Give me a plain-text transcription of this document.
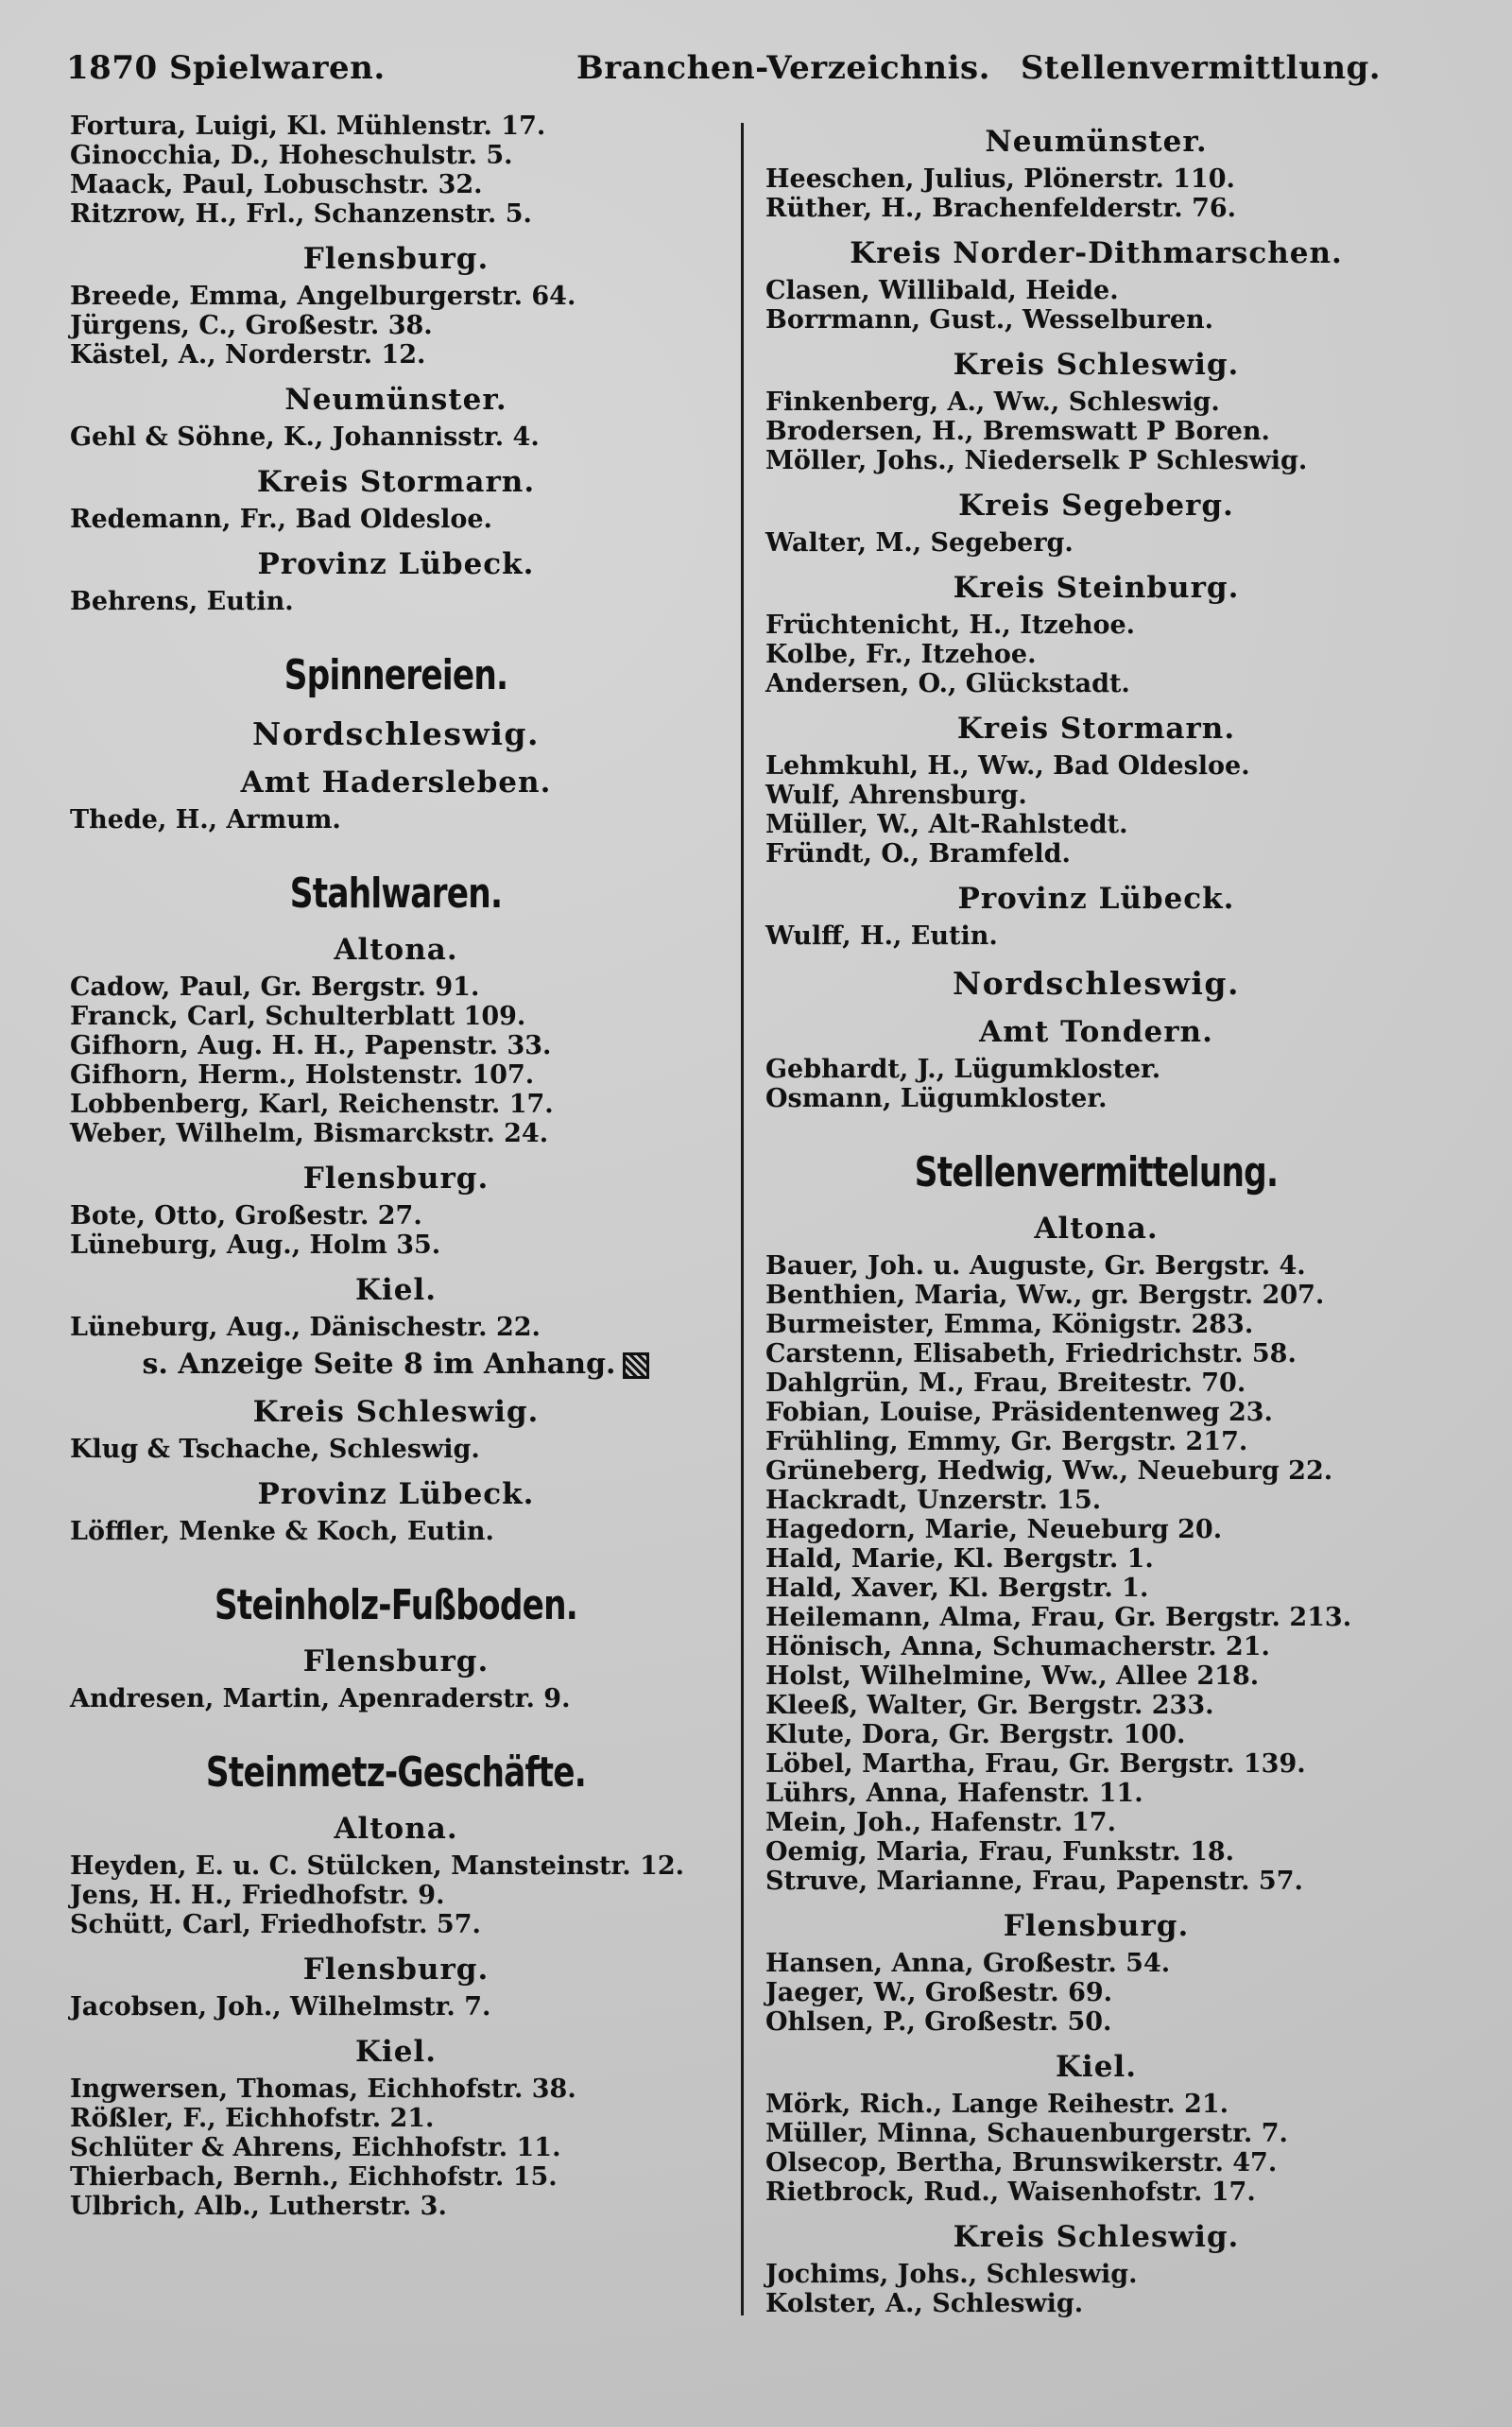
1870 Spielwaren.	Branchen-Verzeichnis. Stellenvermittlung.
Fortura, Luigi, Kl. Mühlenstr. 17.
Ginocchia, D., Hoheschulstr. 5.
Maack, Paul, Lobuschstr. 32.
Ritzrow, H., Frl., Schanzenstr. 5.
Flensburg.
Breede, Emma, Angelburgerstr. 64.
Jürgens, C., Großestr. 38.
Kästel, A., Norderstr. 12.
Neumünster.
Gehl & Söhne, K., Johannisstr. 4.
Kreis Stormarn.
Redemann, Fr., Bad Oldesloe.
Provinz Lübeck.
Behrens, Eutin.
Spinnereien.
Nordschleswig.
Amt Hadersleben.
Thede, H., Armum.
Stahlwaren.
Altona.
Cadow, Paul, Gr. Bergstr. 91.
Franck, Carl, Schulterblatt 109.
Gifhorn, Aug. H. H., Papenstr. 33.
Gifhorn, Herm., Holstenstr. 107.
Lobbenberg, Karl, Reichenstr. 17.
Weber, Wilhelm, Bismarckstr. 24.
Flensburg.
Bote, Otto, Großestr. 27.
Lüneburg, Aug., Holm 35.
Kiel.
Lüneburg, Aug., Dänischestr. 22.
s. Anzeige Seite 8 im Anhang.
Kreis Schleswig.
Klug & Tschache, Schleswig.
Provinz Lübeck.
Löffler, Menke & Koch, Eutin.
Steinholz-Fußboden.
Flensburg.
Andresen, Martin, Apenraderstr. 9.
Steinmetz-Geschäfte.
Altona.
Heyden, E. u. C. Stülcken, Mansteinstr. 12.
Jens, H. H., Friedhofstr. 9.
Schütt, Carl, Friedhofstr. 57.
Flensburg.
Jacobsen, Joh., Wilhelmstr. 7.
Kiel.
Ingwersen, Thomas, Eichhofstr. 38.
Rößler, F., Eichhofstr. 21.
Schlüter & Ahrens, Eichhofstr. 11.
Thierbach, Bernh., Eichhofstr. 15.
Ulbrich, Alb., Lutherstr. 3.
Neumünster.
Heeschen, Julius, Plönerstr. 110.
Rüther, H., Brachenfelderstr. 76.
Kreis Norder-Dithmarschen.
Clasen, Willibald, Heide.
Borrmann, Gust., Wesselburen.
Kreis Schleswig.
Finkenberg, A., Ww., Schleswig.
Brodersen, H., Bremswatt P Boren.
Möller, Johs., Niederselk P Schleswig.
Kreis Segeberg.
Walter, M., Segeberg.
Kreis Steinburg.
Früchtenicht, H., Itzehoe.
Kolbe, Fr., Itzehoe.
Andersen, O., Glückstadt.
Kreis Stormarn.
Lehmkuhl, H., Ww., Bad Oldesloe.
Wulf, Ahrensburg.
Müller, W., Alt-Rahlstedt.
Fründt, O., Bramfeld.
Provinz Lübeck.
Wulff, H., Eutin.
Nordschleswig.
Amt Tondern.
Gebhardt, J., Lügumkloster.
Osmann, Lügumkloster.
Stellenvermittelung.
Altona.
Bauer, Joh. u. Auguste, Gr. Bergstr. 4.
Benthien, Maria, Ww., gr. Bergstr. 207.
Burmeister, Emma, Königstr. 283.
Carstenn, Elisabeth, Friedrichstr. 58.
Dahlgrün, M., Frau, Breitestr. 70.
Fobian, Louise, Präsidentenweg 23.
Frühling, Emmy, Gr. Bergstr. 217.
Grüneberg, Hedwig, Ww., Neueburg 22.
Hackradt, Unzerstr. 15.
Hagedorn, Marie, Neueburg 20.
Hald, Marie, Kl. Bergstr. 1.
Hald, Xaver, Kl. Bergstr. 1.
Heilemann, Alma, Frau, Gr. Bergstr. 213.
Hönisch, Anna, Schumacherstr. 21.
Holst, Wilhelmine, Ww., Allee 218.
Kleeß, Walter, Gr. Bergstr. 233.
Klute, Dora, Gr. Bergstr. 100.
Löbel, Martha, Frau, Gr. Bergstr. 139.
Lührs, Anna, Hafenstr. 11.
Mein, Joh., Hafenstr. 17.
Oemig, Maria, Frau, Funkstr. 18.
Struve, Marianne, Frau, Papenstr. 57.
Flensburg.
Hansen, Anna, Großestr. 54.
Jaeger, W., Großestr. 69.
Ohlsen, P., Großestr. 50.
Kiel.
Mörk, Rich., Lange Reihestr. 21.
Müller, Minna, Schauenburgerstr. 7.
Olsecop, Bertha, Brunswikerstr. 47.
Rietbrock, Rud., Waisenhofstr. 17.
Kreis Schleswig.
Jochims, Johs., Schleswig.
Kolster, A., Schleswig.
